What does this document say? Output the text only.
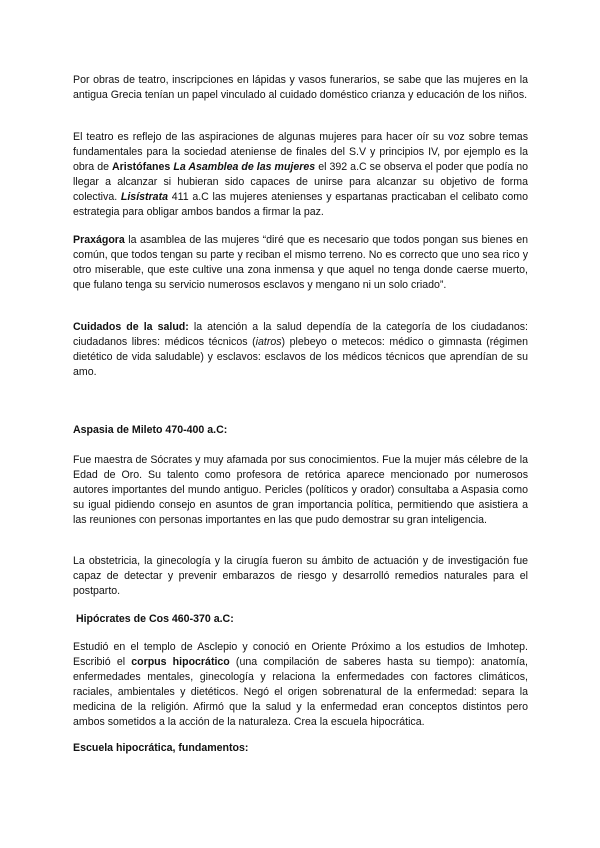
Por obras de teatro, inscripciones en lápidas y vasos funerarios, se sabe que las mujeres en la antigua Grecia tenían un papel vinculado al cuidado doméstico crianza y educación de los niños.

El teatro es reflejo de las aspiraciones de algunas mujeres para hacer oír su voz sobre temas fundamentales para la sociedad ateniense de finales del S.V y principios IV, por ejemplo es la obra de Aristófanes La Asamblea de las mujeres el 392 a.C se observa el poder que podía no llegar a alcanzar si hubieran sido capaces de unirse para alcanzar su objetivo de forma colectiva. Lisístrata 411 a.C las mujeres atenienses y espartanas practicaban el celibato como estrategia para obligar ambos bandos a firmar la paz.

Praxágora la asamblea de las mujeres “diré que es necesario que todos pongan sus bienes en común, que todos tengan su parte y reciban el mismo terreno. No es correcto que uno sea rico y otro miserable, que este cultive una zona inmensa y que aquel no tenga donde caerse muerto, que fulano tenga su servicio numerosos esclavos y mengano ni un solo criado”.

Cuidados de la salud: la atención a la salud dependía de la categoría de los ciudadanos: ciudadanos libres: médicos técnicos (iatros) plebeyo o metecos: médico o gimnasta (régimen dietético de vida saludable) y esclavos: esclavos de los médicos técnicos que aprendían de su amo.

Aspasia de Mileto 470-400 a.C:

Fue maestra de Sócrates y muy afamada por sus conocimientos. Fue la mujer más célebre de la Edad de Oro. Su talento como profesora de retórica aparece mencionado por numerosos autores importantes del mundo antiguo. Pericles (políticos y orador) consultaba a Aspasia como su igual pidiendo consejo en asuntos de gran importancia política, permitiendo que asistiera a las reuniones con personas importantes en las que pudo demostrar su gran inteligencia.

La obstetricia, la ginecología y la cirugía fueron su ámbito de actuación y de investigación fue capaz de detectar y prevenir embarazos de riesgo y desarrolló remedios naturales para el postparto.

Hipócrates de Cos 460-370 a.C:

Estudió en el templo de Asclepio y conoció en Oriente Próximo a los estudios de Imhotep. Escribió el corpus hipocrático (una compilación de saberes hasta su tiempo): anatomía, enfermedades mentales, ginecología y relaciona la enfermedades con factores climáticos, raciales, ambientales y dietéticos. Negó el origen sobrenatural de la enfermedad: separa la medicina de la religión. Afirmó que la salud y la enfermedad eran conceptos distintos pero ambos sometidos a la acción de la naturaleza. Crea la escuela hipocrática.

Escuela hipocrática, fundamentos:
